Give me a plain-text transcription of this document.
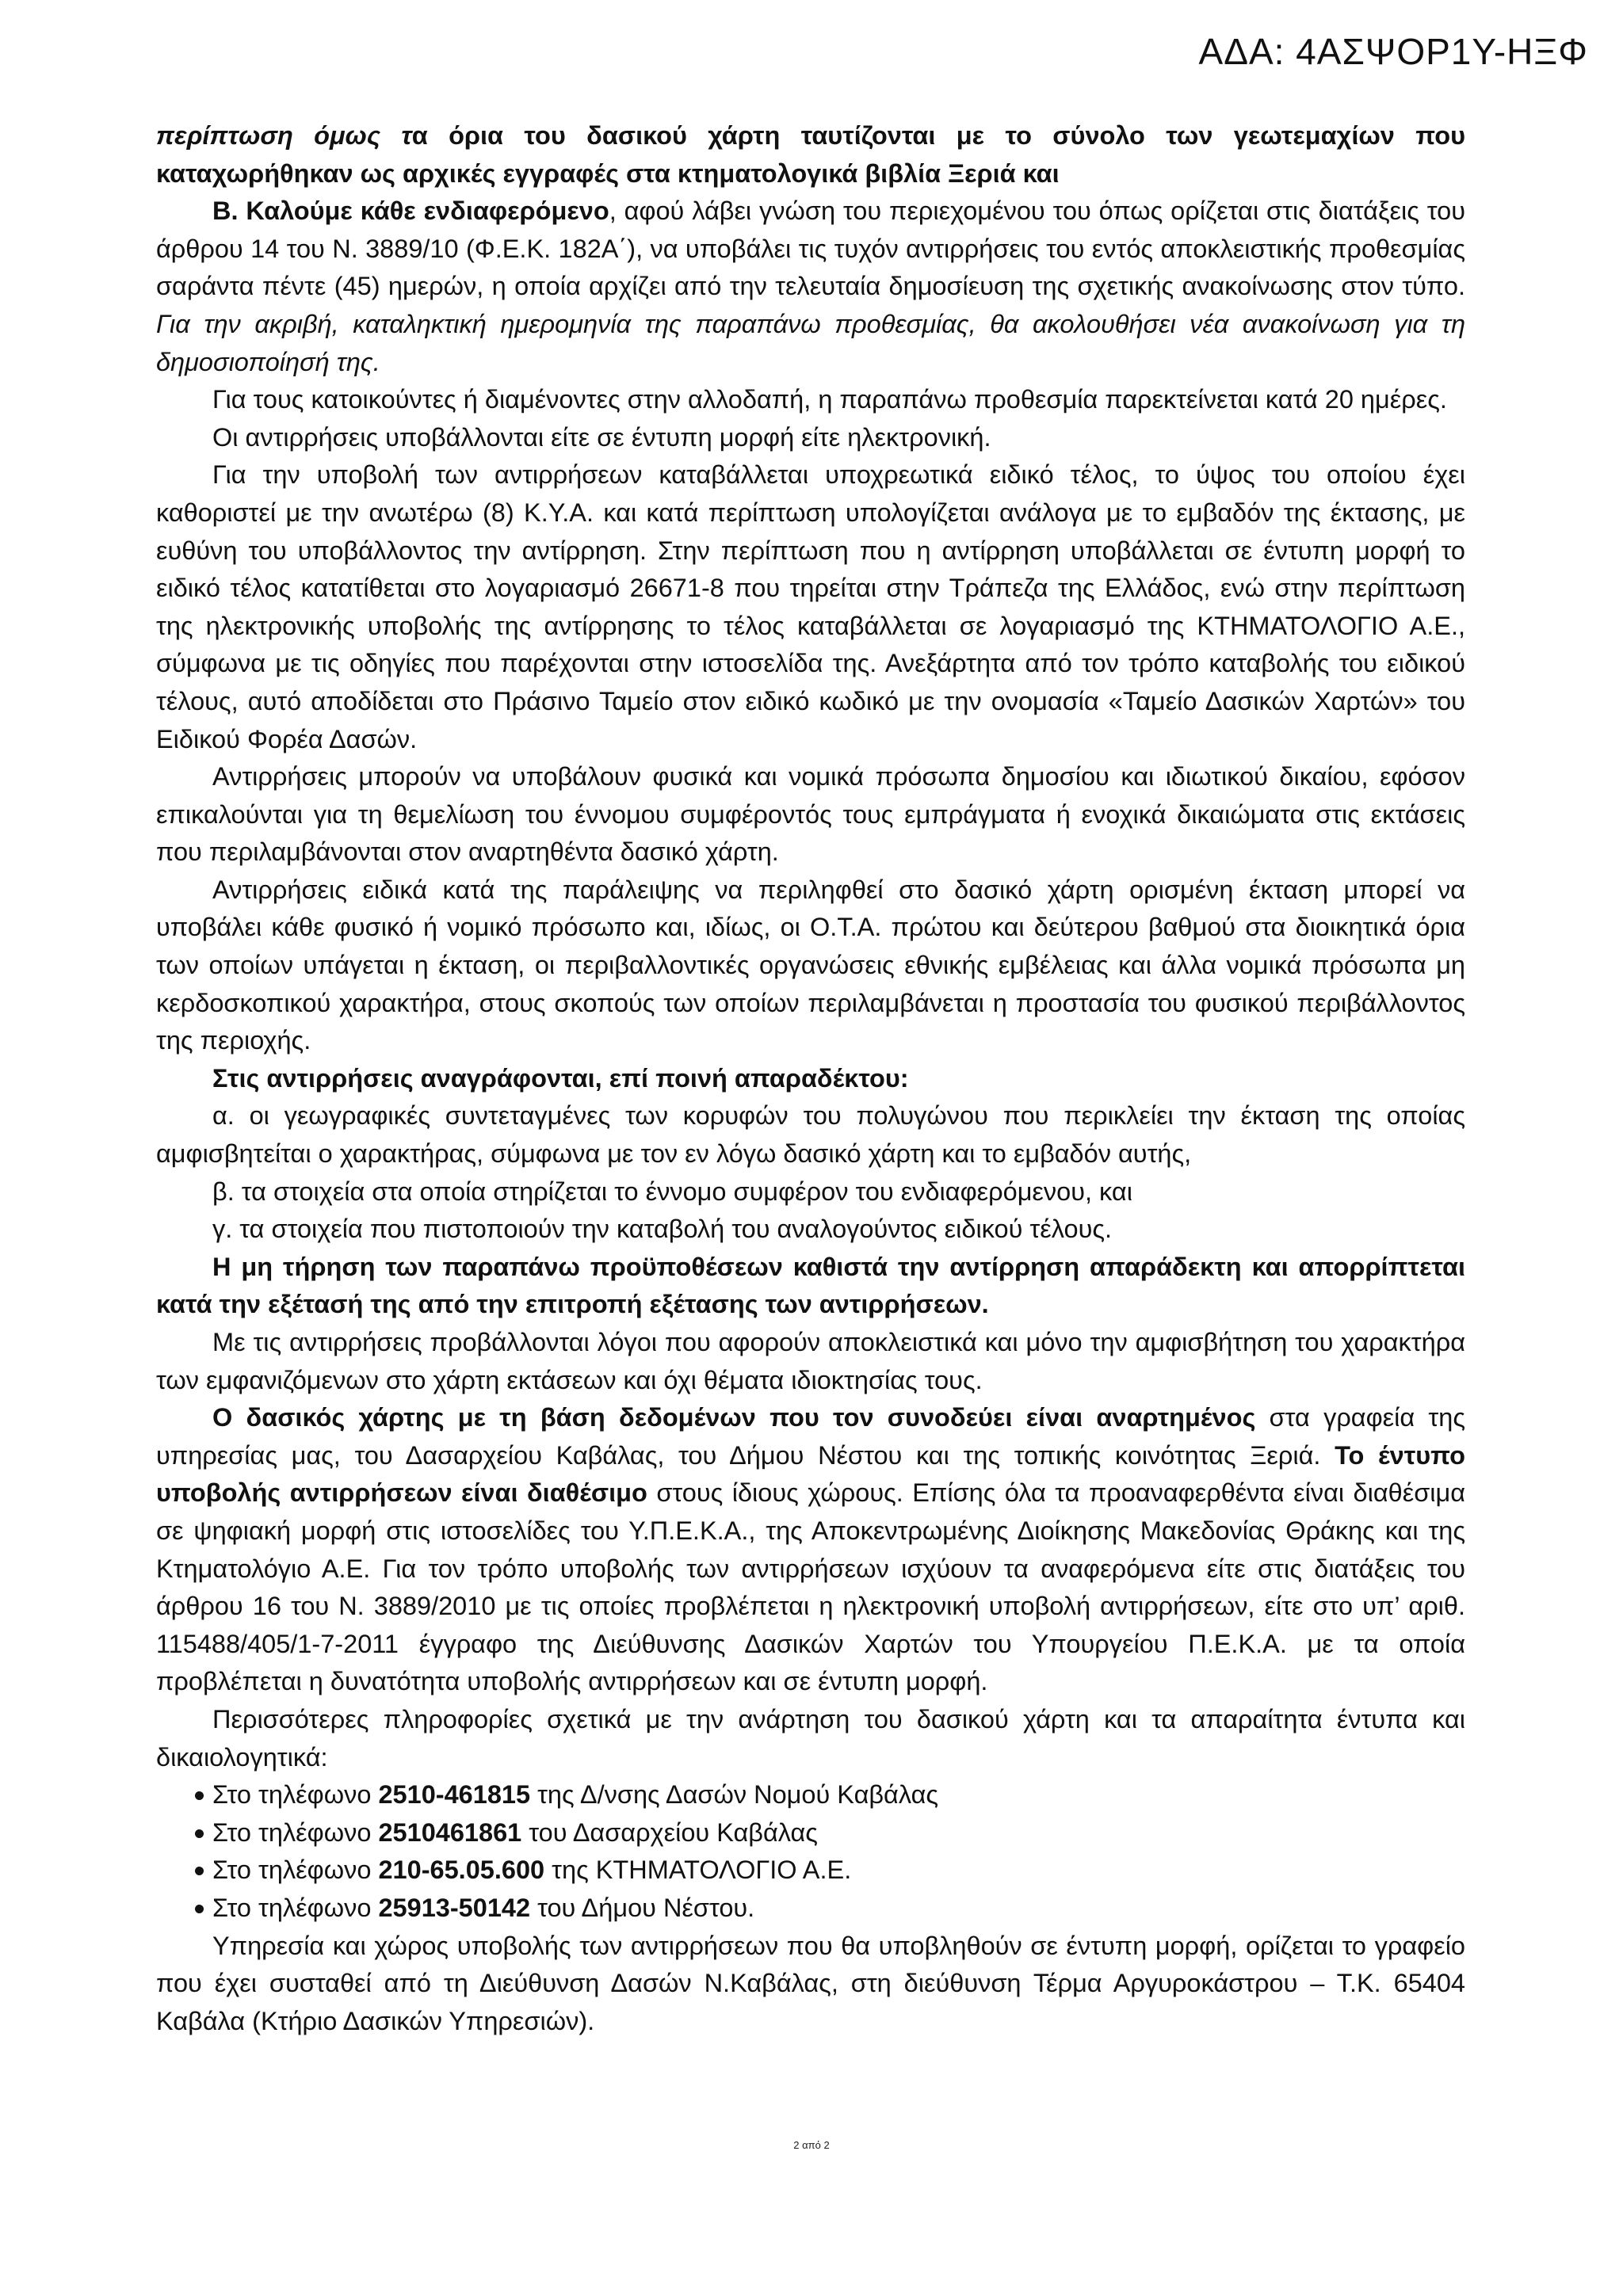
ΑΔΑ: 4ΑΣΨΟΡ1Υ-ΗΞΦ

περίπτωση όμως τα όρια του δασικού χάρτη ταυτίζονται με το σύνολο των γεωτεμαχίων που καταχωρήθηκαν ως αρχικές εγγραφές στα κτηματολογικά βιβλία Ξεριά και

Β. Καλούμε κάθε ενδιαφερόμενο, αφού λάβει γνώση του περιεχομένου του όπως ορίζεται στις διατάξεις του άρθρου 14 του Ν. 3889/10 (Φ.Ε.Κ. 182Α΄), να υποβάλει τις τυχόν αντιρρήσεις του εντός αποκλειστικής προθεσμίας σαράντα πέντε (45) ημερών, η οποία αρχίζει από την τελευταία δημοσίευση της σχετικής ανακοίνωσης στον τύπο. Για την ακριβή, καταληκτική ημερομηνία της παραπάνω προθεσμίας, θα ακολουθήσει νέα ανακοίνωση για τη δημοσιοποίησή της.

Για τους κατοικούντες ή διαμένοντες στην αλλοδαπή, η παραπάνω προθεσμία παρεκτείνεται κατά 20 ημέρες.

Οι αντιρρήσεις υποβάλλονται είτε σε έντυπη μορφή είτε ηλεκτρονική.

Για την υποβολή των αντιρρήσεων καταβάλλεται υποχρεωτικά ειδικό τέλος, το ύψος του οποίου έχει καθοριστεί με την ανωτέρω (8) Κ.Υ.Α. και κατά περίπτωση υπολογίζεται ανάλογα με το εμβαδόν της έκτασης, με ευθύνη του υποβάλλοντος την αντίρρηση. Στην περίπτωση που η αντίρρηση υποβάλλεται σε έντυπη μορφή το ειδικό τέλος κατατίθεται στο λογαριασμό 26671-8 που τηρείται στην Τράπεζα της Ελλάδος, ενώ στην περίπτωση της ηλεκτρονικής υποβολής της αντίρρησης το τέλος καταβάλλεται σε λογαριασμό της ΚΤΗΜΑΤΟΛΟΓΙΟ Α.Ε., σύμφωνα με τις οδηγίες που παρέχονται στην ιστοσελίδα της. Ανεξάρτητα από τον τρόπο καταβολής του ειδικού τέλους, αυτό αποδίδεται στο Πράσινο Ταμείο στον ειδικό κωδικό με την ονομασία «Ταμείο Δασικών Χαρτών» του Ειδικού Φορέα Δασών.

Αντιρρήσεις μπορούν να υποβάλουν φυσικά και νομικά πρόσωπα δημοσίου και ιδιωτικού δικαίου, εφόσον επικαλούνται για τη θεμελίωση του έννομου συμφέροντός τους εμπράγματα ή ενοχικά δικαιώματα στις εκτάσεις που περιλαμβάνονται στον αναρτηθέντα δασικό χάρτη.

Αντιρρήσεις ειδικά κατά της παράλειψης να περιληφθεί στο δασικό χάρτη ορισμένη έκταση μπορεί να υποβάλει κάθε φυσικό ή νομικό πρόσωπο και, ιδίως, οι Ο.Τ.Α. πρώτου και δεύτερου βαθμού στα διοικητικά όρια των οποίων υπάγεται η έκταση, οι περιβαλλοντικές οργανώσεις εθνικής εμβέλειας και άλλα νομικά πρόσωπα μη κερδοσκοπικού χαρακτήρα, στους σκοπούς των οποίων περιλαμβάνεται η προστασία του φυσικού περιβάλλοντος της περιοχής.

Στις αντιρρήσεις αναγράφονται, επί ποινή απαραδέκτου:

α. οι γεωγραφικές συντεταγμένες των κορυφών του πολυγώνου που περικλείει την έκταση της οποίας αμφισβητείται ο χαρακτήρας, σύμφωνα με τον εν λόγω δασικό χάρτη και το εμβαδόν αυτής,

β. τα στοιχεία στα οποία στηρίζεται το έννομο συμφέρον του ενδιαφερόμενου, και

γ. τα στοιχεία που πιστοποιούν την καταβολή του αναλογούντος ειδικού τέλους.

Η μη τήρηση των παραπάνω προϋποθέσεων καθιστά την αντίρρηση απαράδεκτη και απορρίπτεται κατά την εξέτασή της από την επιτροπή εξέτασης των αντιρρήσεων.

Με τις αντιρρήσεις προβάλλονται λόγοι που αφορούν αποκλειστικά και μόνο την αμφισβήτηση του χαρακτήρα των εμφανιζόμενων στο χάρτη εκτάσεων και όχι θέματα ιδιοκτησίας τους.

Ο δασικός χάρτης με τη βάση δεδομένων που τον συνοδεύει είναι αναρτημένος στα γραφεία της υπηρεσίας μας, του Δασαρχείου Καβάλας, του Δήμου Νέστου και της τοπικής κοινότητας Ξεριά. Το έντυπο υποβολής αντιρρήσεων είναι διαθέσιμο στους ίδιους χώρους. Επίσης όλα τα προαναφερθέντα είναι διαθέσιμα σε ψηφιακή μορφή στις ιστοσελίδες του Υ.Π.Ε.Κ.Α., της Αποκεντρωμένης Διοίκησης Μακεδονίας Θράκης και της Κτηματολόγιο Α.Ε. Για τον τρόπο υποβολής των αντιρρήσεων ισχύουν τα αναφερόμενα είτε στις διατάξεις του άρθρου 16 του Ν. 3889/2010 με τις οποίες προβλέπεται η ηλεκτρονική υποβολή αντιρρήσεων, είτε στο υπ’ αριθ. 115488/405/1-7-2011 έγγραφο της Διεύθυνσης Δασικών Χαρτών του Υπουργείου Π.Ε.Κ.Α. με τα οποία προβλέπεται η δυνατότητα υποβολής αντιρρήσεων και σε έντυπη μορφή.

Περισσότερες πληροφορίες σχετικά με την ανάρτηση του δασικού χάρτη και τα απαραίτητα έντυπα και δικαιολογητικά:

Στο τηλέφωνο 2510-461815 της Δ/νσης Δασών Νομού Καβάλας
Στο τηλέφωνο 2510461861 του Δασαρχείου Καβάλας
Στο τηλέφωνο 210-65.05.600 της ΚΤΗΜΑΤΟΛΟΓΙΟ Α.Ε.
Στο τηλέφωνο 25913-50142 του Δήμου Νέστου.

Υπηρεσία και χώρος υποβολής των αντιρρήσεων που θα υποβληθούν σε έντυπη μορφή, ορίζεται το γραφείο που έχει συσταθεί από τη Διεύθυνση Δασών Ν.Καβάλας, στη διεύθυνση Τέρμα Αργυροκάστρου – Τ.Κ. 65404 Καβάλα (Κτήριο Δασικών Υπηρεσιών).

2 από 2
